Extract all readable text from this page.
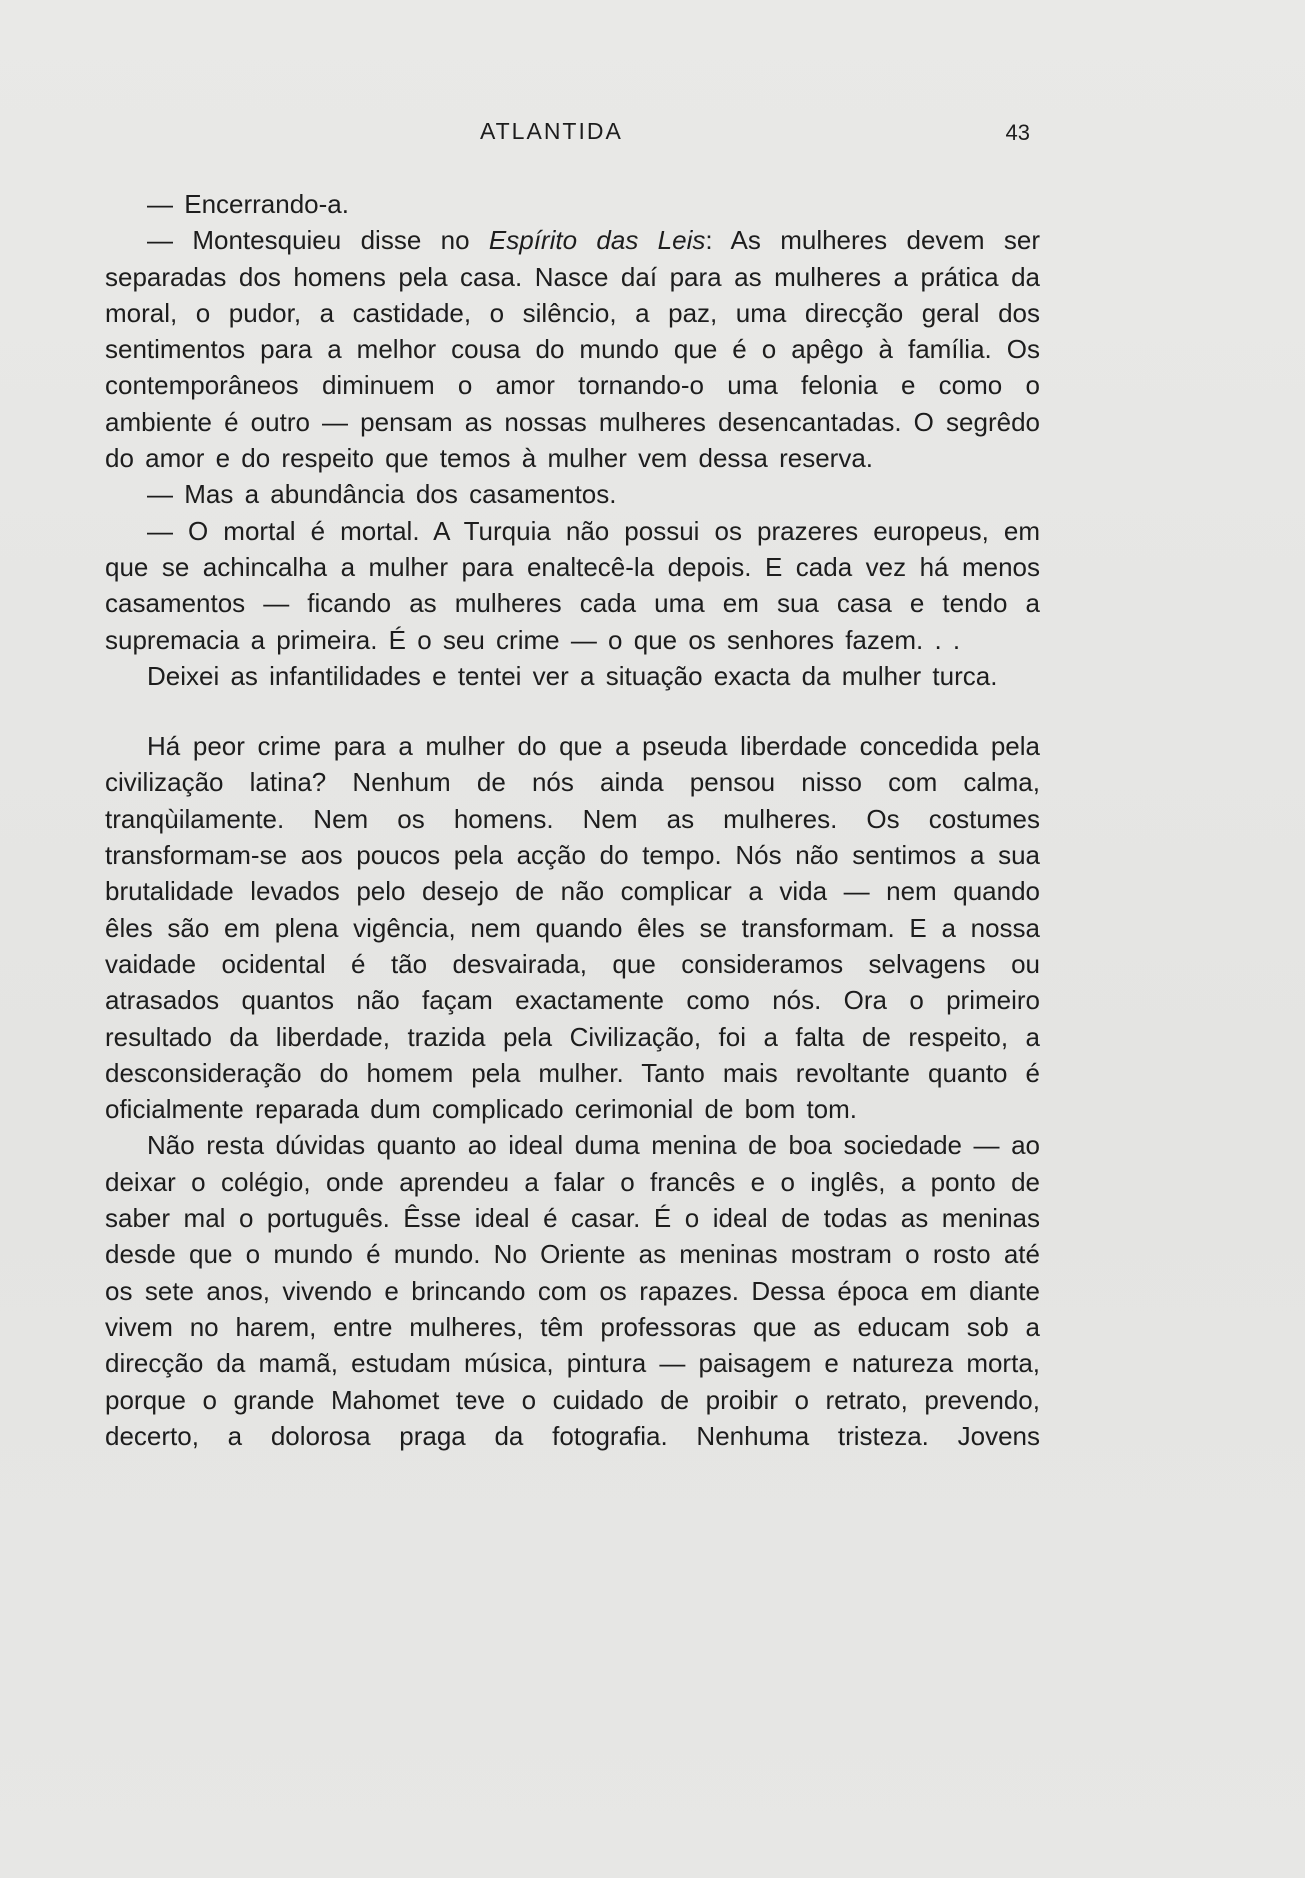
ATLANTIDA	43

— Encerrando-a.

— Montesquieu disse no Espírito das Leis: As mulheres devem ser separadas dos homens pela casa. Nasce daí para as mulheres a prática da moral, o pudor, a castidade, o silêncio, a paz, uma direcção geral dos sentimentos para a melhor cousa do mundo que é o apêgo à família. Os contemporâneos diminuem o amor tornando-o uma felonia e como o ambiente é outro — pensam as nossas mulheres desencantadas. O segrêdo do amor e do respeito que temos à mulher vem dessa reserva.

— Mas a abundância dos casamentos.

— O mortal é mortal. A Turquia não possui os prazeres europeus, em que se achincalha a mulher para enaltecê-la depois. E cada vez há menos casamentos — ficando as mulheres cada uma em sua casa e tendo a supremacia a primeira. É o seu crime — o que os senhores fazem. . .

Deixei as infantilidades e tentei ver a situação exacta da mulher turca.

Há peor crime para a mulher do que a pseuda liberdade concedida pela civilização latina? Nenhum de nós ainda pensou nisso com calma, tranqùilamente. Nem os homens. Nem as mulheres. Os costumes transformam-se aos poucos pela acção do tempo. Nós não sentimos a sua brutalidade levados pelo desejo de não complicar a vida — nem quando êles são em plena vigência, nem quando êles se transformam. E a nossa vaidade ocidental é tão desvairada, que consideramos selvagens ou atrasados quantos não façam exactamente como nós. Ora o primeiro resultado da liberdade, trazida pela Civilização, foi a falta de respeito, a desconsideração do homem pela mulher. Tanto mais revoltante quanto é oficialmente reparada dum complicado cerimonial de bom tom.

Não resta dúvidas quanto ao ideal duma menina de boa sociedade — ao deixar o colégio, onde aprendeu a falar o francês e o inglês, a ponto de saber mal o português. Êsse ideal é casar. É o ideal de todas as meninas desde que o mundo é mundo. No Oriente as meninas mostram o rosto até os sete anos, vivendo e brincando com os rapazes. Dessa época em diante vivem no harem, entre mulheres, têm professoras que as educam sob a direcção da mamã, estudam música, pintura — paisagem e natureza morta, porque o grande Mahomet teve o cuidado de proibir o retrato, prevendo, decerto, a dolorosa praga da fotografia. Nenhuma tristeza. Jovens
